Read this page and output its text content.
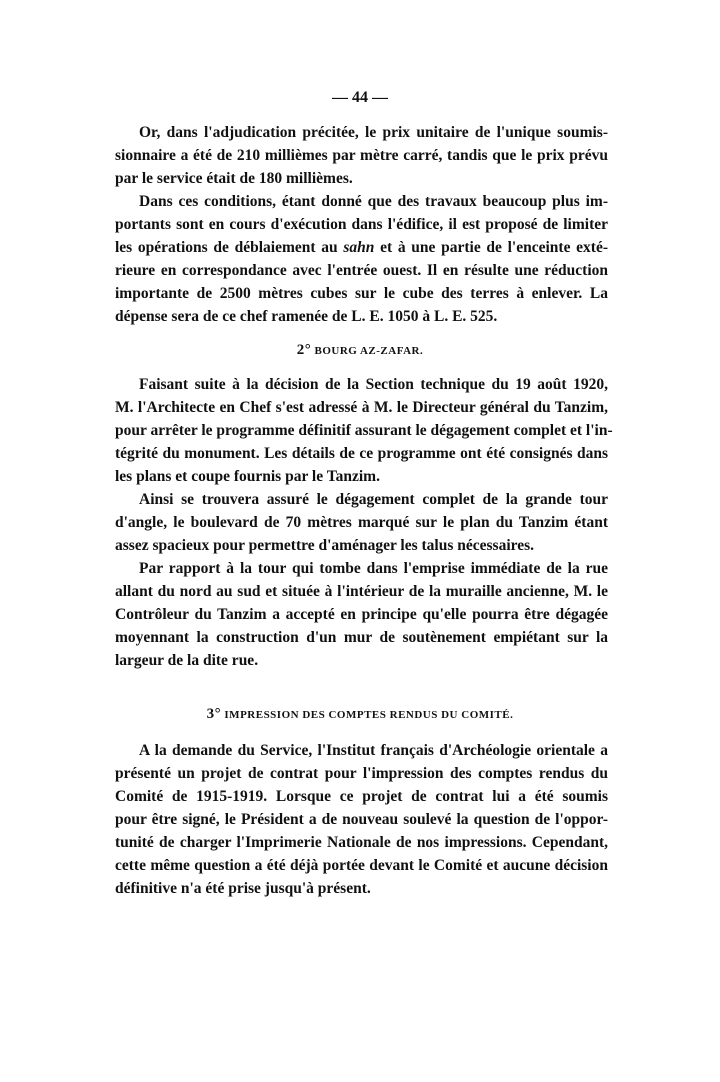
— 44 —
Or, dans l'adjudication précitée, le prix unitaire de l'unique soumis-
sionnaire a été de 210 millièmes par mètre carré, tandis que le prix prévu
par le service était de 180 millièmes.
Dans ces conditions, étant donné que des travaux beaucoup plus im-
portants sont en cours d'exécution dans l'édifice, il est proposé de limiter
les opérations de déblaiement au sahn et à une partie de l'enceinte exté-
rieure en correspondance avec l'entrée ouest. Il en résulte une réduction
importante de 2500 mètres cubes sur le cube des terres à enlever. La
dépense sera de ce chef ramenée de L. E. 1050 à L. E. 525.
2° BOURG AZ-ZAFAR.
Faisant suite à la décision de la Section technique du 19 août 1920,
M. l'Architecte en Chef s'est adressé à M. le Directeur général du Tanzim,
pour arrêter le programme définitif assurant le dégagement complet et l'in-
tégrité du monument. Les détails de ce programme ont été consignés dans
les plans et coupe fournis par le Tanzim.
Ainsi se trouvera assuré le dégagement complet de la grande tour
d'angle, le boulevard de 70 mètres marqué sur le plan du Tanzim étant
assez spacieux pour permettre d'aménager les talus nécessaires.
Par rapport à la tour qui tombe dans l'emprise immédiate de la rue
allant du nord au sud et située à l'intérieur de la muraille ancienne, M. le
Contrôleur du Tanzim a accepté en principe qu'elle pourra être dégagée
moyennant la construction d'un mur de soutènement empiétant sur la
largeur de la dite rue.
3° IMPRESSION DES COMPTES RENDUS DU COMITÉ.
A la demande du Service, l'Institut français d'Archéologie orientale a
présenté un projet de contrat pour l'impression des comptes rendus du
Comité de 1915-1919. Lorsque ce projet de contrat lui a été soumis
pour être signé, le Président a de nouveau soulevé la question de l'oppor-
tunité de charger l'Imprimerie Nationale de nos impressions. Cependant,
cette même question a été déjà portée devant le Comité et aucune décision
définitive n'a été prise jusqu'à présent.
